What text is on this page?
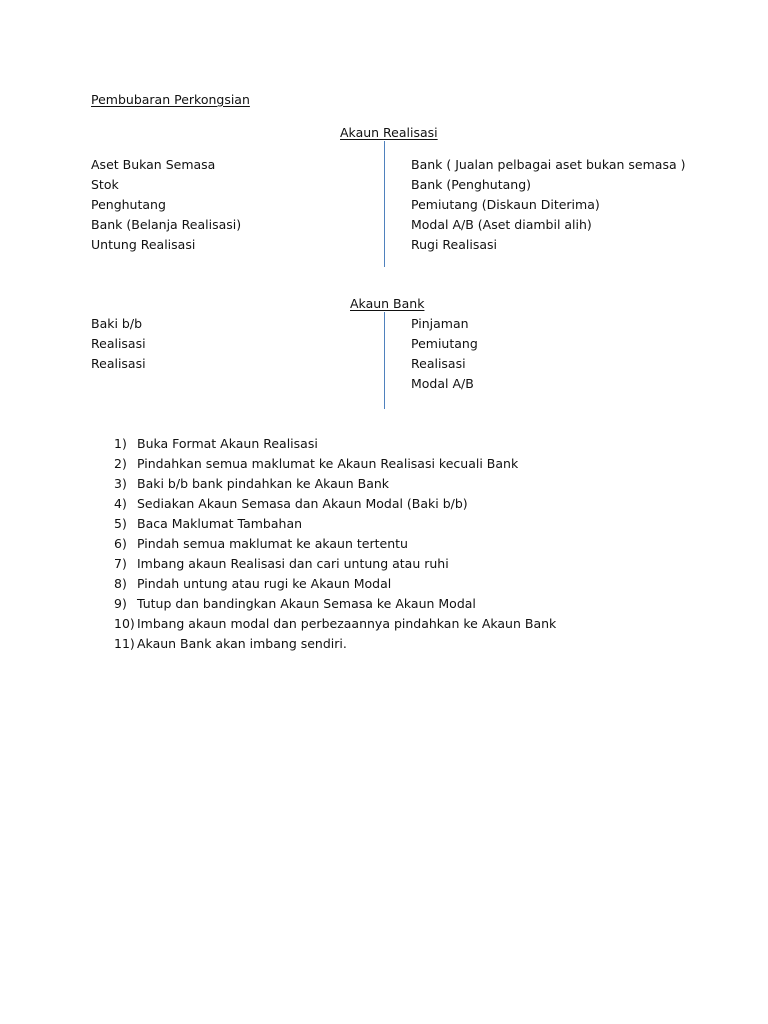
Pembubaran Perkongsian
Akaun Realisasi
Aset Bukan Semasa
Stok
Penghutang
Bank (Belanja Realisasi)
Untung Realisasi
Bank ( Jualan pelbagai aset bukan semasa )
Bank (Penghutang)
Pemiutang (Diskaun Diterima)
Modal A/B (Aset diambil alih)
Rugi Realisasi
Akaun Bank
Baki b/b
Realisasi
Realisasi
Pinjaman
Pemiutang
Realisasi
Modal A/B
1) Buka Format Akaun Realisasi
2) Pindahkan semua maklumat ke Akaun Realisasi kecuali Bank
3) Baki b/b bank pindahkan ke Akaun Bank
4) Sediakan Akaun Semasa dan Akaun Modal (Baki b/b)
5) Baca Maklumat Tambahan
6) Pindah semua maklumat ke akaun tertentu
7) Imbang akaun Realisasi dan cari untung atau ruhi
8) Pindah untung atau rugi ke Akaun Modal
9) Tutup dan bandingkan Akaun Semasa ke Akaun Modal
10) Imbang akaun modal dan perbezaannya pindahkan ke Akaun Bank
11) Akaun Bank akan imbang sendiri.
